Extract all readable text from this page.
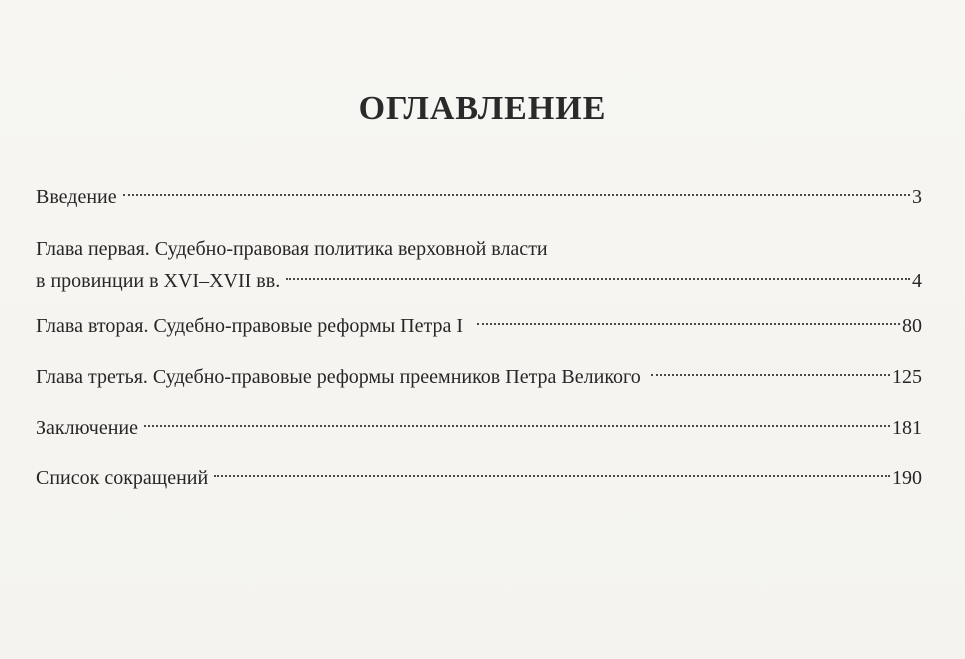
ОГЛАВЛЕНИЕ
Введение	3
Глава первая. Судебно-правовая политика верховной власти
в провинции в XVI–XVII вв.	4
Глава вторая. Судебно-правовые реформы Петра I	80
Глава третья. Судебно-правовые реформы преемников Петра Великого	125
Заключение	181
Список сокращений	190
